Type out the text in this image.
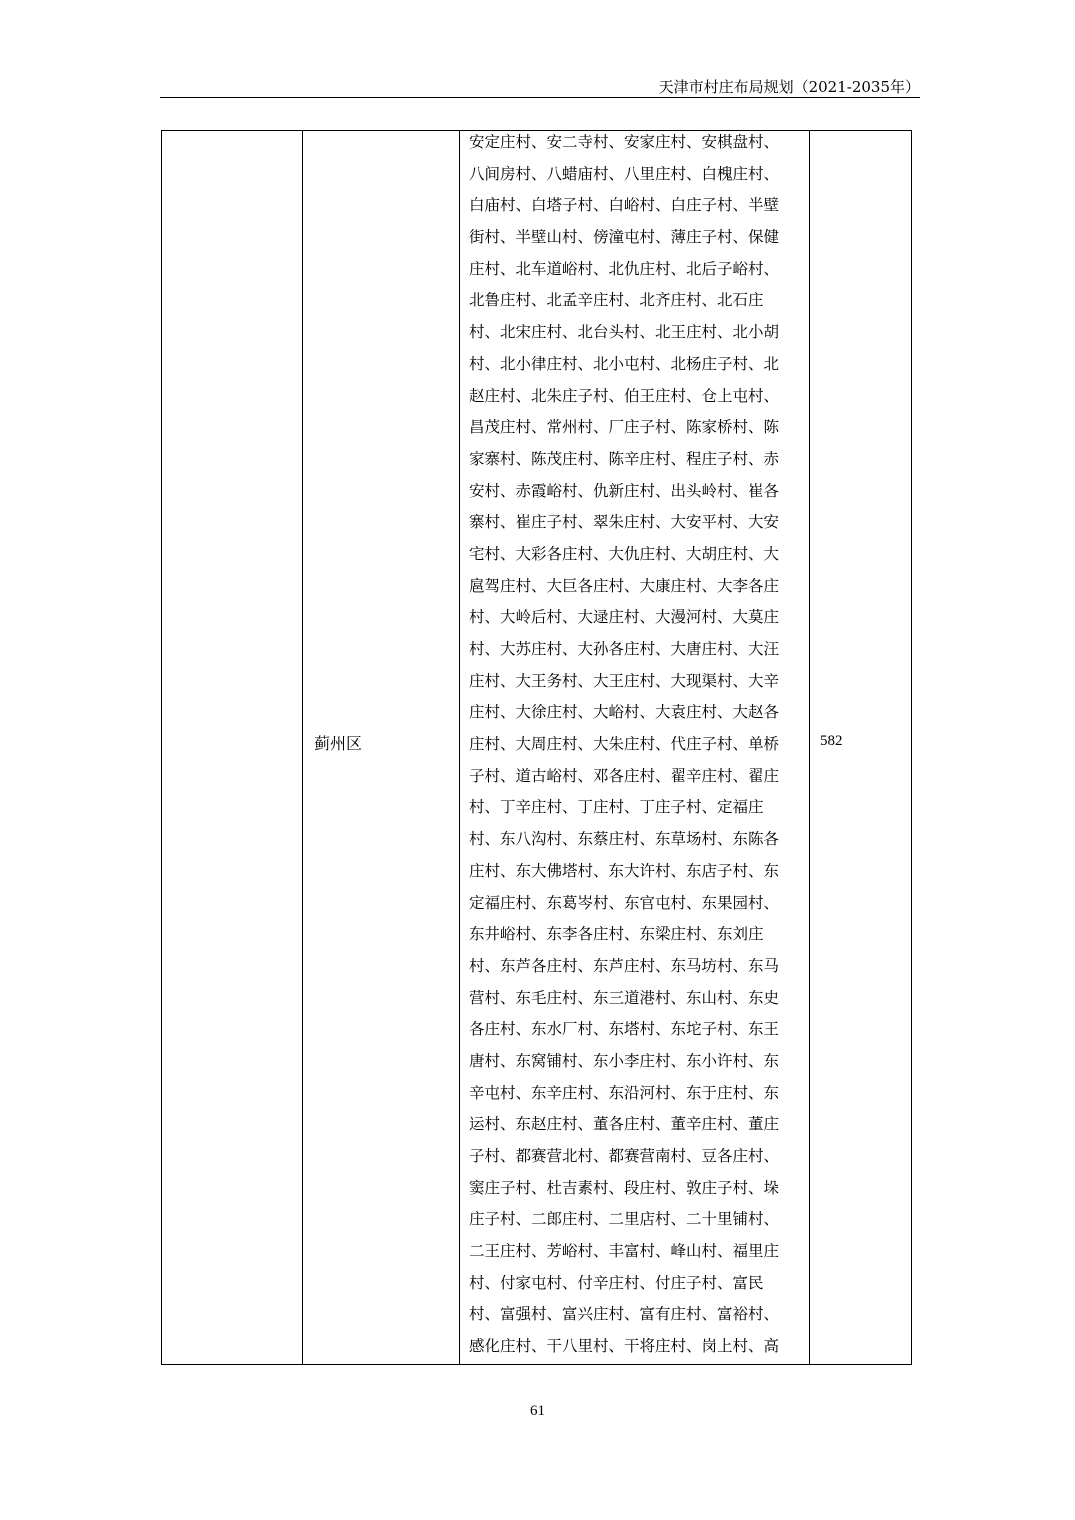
天津市村庄布局规划（2021-2035年）
蓟州区
安定庄村、安二寺村、安家庄村、安棋盘村、
八间房村、八蜡庙村、八里庄村、白槐庄村、
白庙村、白塔子村、白峪村、白庄子村、半壁
街村、半壁山村、傍潼屯村、薄庄子村、保健
庄村、北车道峪村、北仇庄村、北后子峪村、
北鲁庄村、北孟辛庄村、北齐庄村、北石庄
村、北宋庄村、北台头村、北王庄村、北小胡
村、北小律庄村、北小屯村、北杨庄子村、北
赵庄村、北朱庄子村、伯王庄村、仓上屯村、
昌茂庄村、常州村、厂庄子村、陈家桥村、陈
家寨村、陈茂庄村、陈辛庄村、程庄子村、赤
安村、赤霞峪村、仇新庄村、出头岭村、崔各
寨村、崔庄子村、翠朱庄村、大安平村、大安
宅村、大彩各庄村、大仇庄村、大胡庄村、大
扈驾庄村、大巨各庄村、大康庄村、大李各庄
村、大岭后村、大逯庄村、大漫河村、大莫庄
村、大苏庄村、大孙各庄村、大唐庄村、大汪
庄村、大王务村、大王庄村、大现渠村、大辛
庄村、大徐庄村、大峪村、大袁庄村、大赵各
庄村、大周庄村、大朱庄村、代庄子村、单桥
子村、道古峪村、邓各庄村、翟辛庄村、翟庄
村、丁辛庄村、丁庄村、丁庄子村、定福庄
村、东八沟村、东蔡庄村、东草场村、东陈各
庄村、东大佛塔村、东大许村、东店子村、东
定福庄村、东葛岑村、东官屯村、东果园村、
东井峪村、东李各庄村、东梁庄村、东刘庄
村、东芦各庄村、东芦庄村、东马坊村、东马
营村、东毛庄村、东三道港村、东山村、东史
各庄村、东水厂村、东塔村、东坨子村、东王
唐村、东窝铺村、东小李庄村、东小许村、东
辛屯村、东辛庄村、东沿河村、东于庄村、东
运村、东赵庄村、董各庄村、董辛庄村、董庄
子村、都赛营北村、都赛营南村、豆各庄村、
窦庄子村、杜吉素村、段庄村、敦庄子村、垛
庄子村、二郎庄村、二里店村、二十里铺村、
二王庄村、芳峪村、丰富村、峰山村、福里庄
村、付家屯村、付辛庄村、付庄子村、富民
村、富强村、富兴庄村、富有庄村、富裕村、
感化庄村、干八里村、干将庄村、岗上村、高
582
61
